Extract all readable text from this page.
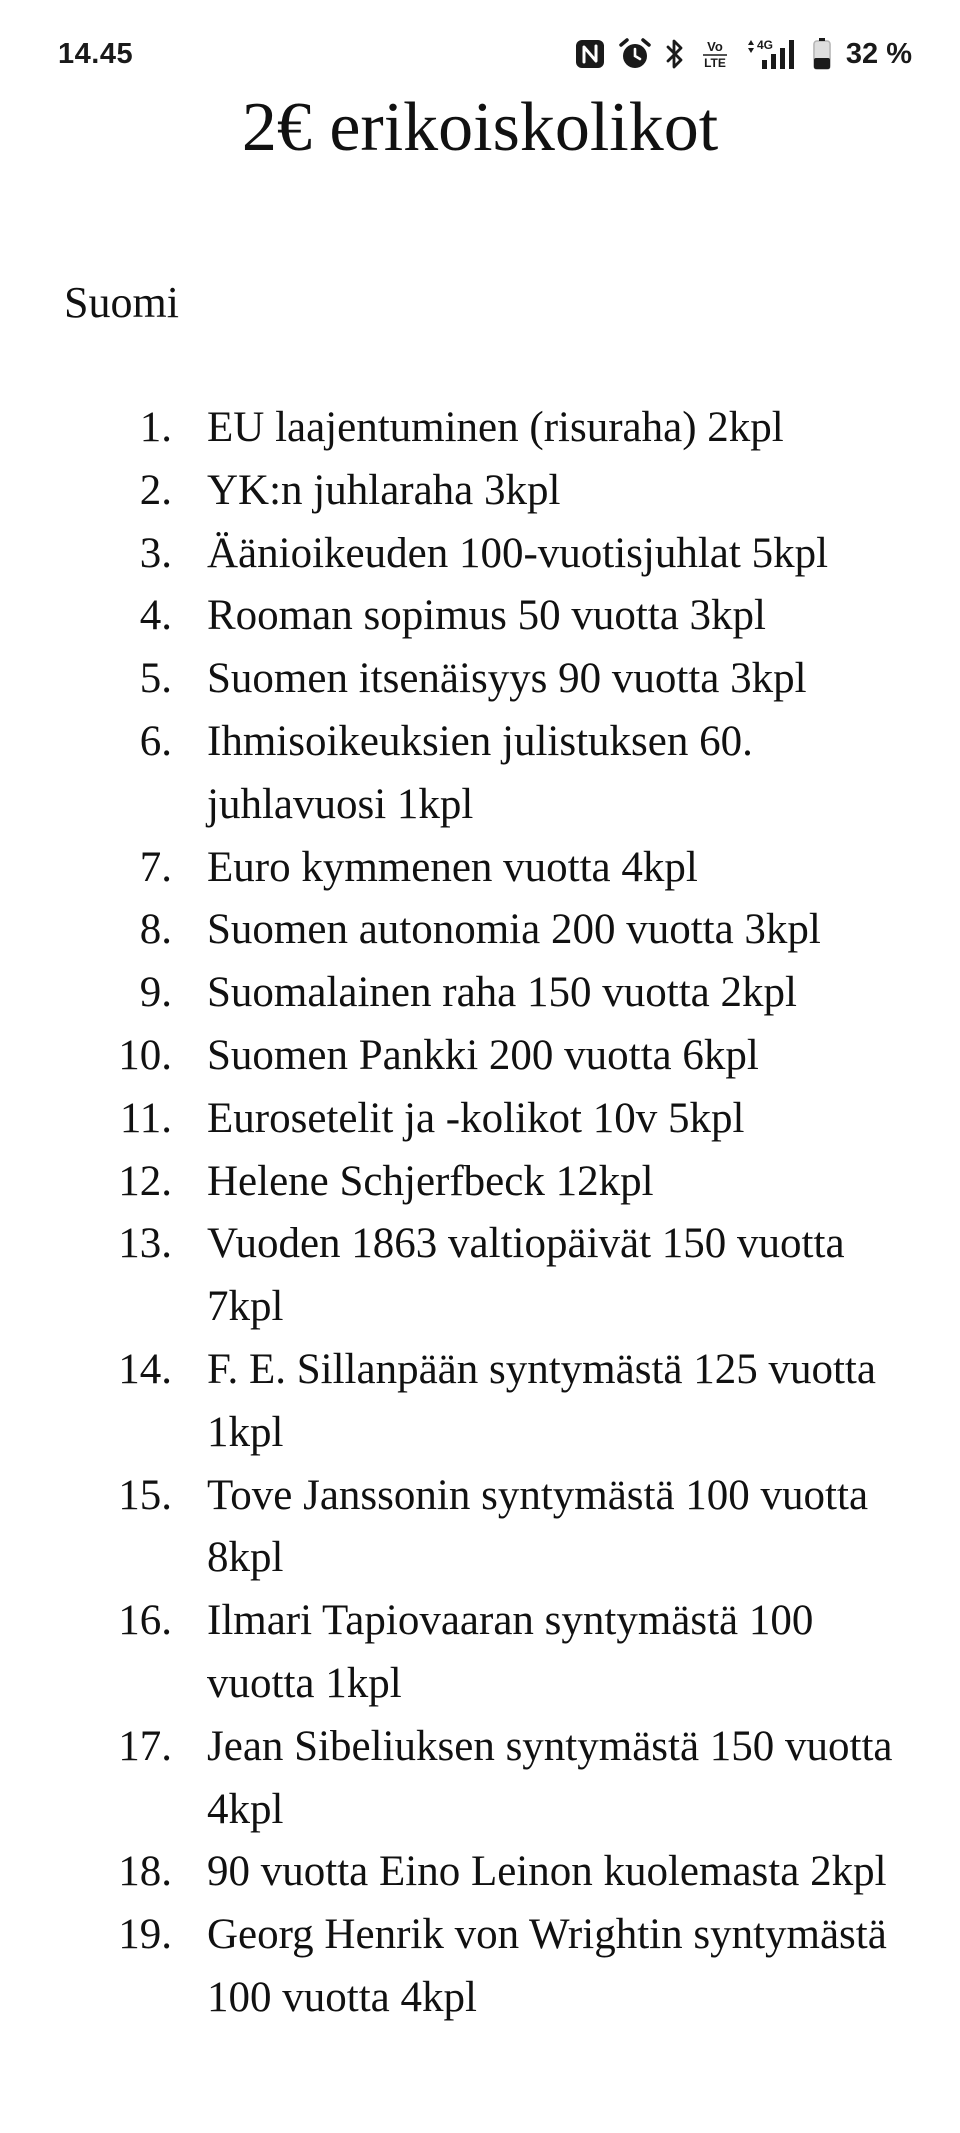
14.45	Vo
LTE
4G	32 %
2€ erikoiskolikot
Suomi
1. EU laajentuminen (risuraha) 2kpl
2. YK:n juhlaraha 3kpl
3. Äänioikeuden 100-vuotisjuhlat 5kpl
4. Rooman sopimus 50 vuotta 3kpl
5. Suomen itsenäisyys 90 vuotta 3kpl
6. Ihmisoikeuksien julistuksen 60. juhlavuosi 1kpl
7. Euro kymmenen vuotta 4kpl
8. Suomen autonomia 200 vuotta 3kpl
9. Suomalainen raha 150 vuotta 2kpl
10. Suomen Pankki 200 vuotta 6kpl
11. Eurosetelit ja -kolikot 10v 5kpl
12. Helene Schjerfbeck 12kpl
13. Vuoden 1863 valtiopäivät 150 vuotta 7kpl
14. F. E. Sillanpään syntymästä 125 vuotta 1kpl
15. Tove Janssonin syntymästä 100 vuotta 8kpl
16. Ilmari Tapiovaaran syntymästä 100 vuotta 1kpl
17. Jean Sibeliuksen syntymästä 150 vuotta 4kpl
18. 90 vuotta Eino Leinon kuolemasta 2kpl
19. Georg Henrik von Wrightin syntymästä 100 vuotta 4kpl
